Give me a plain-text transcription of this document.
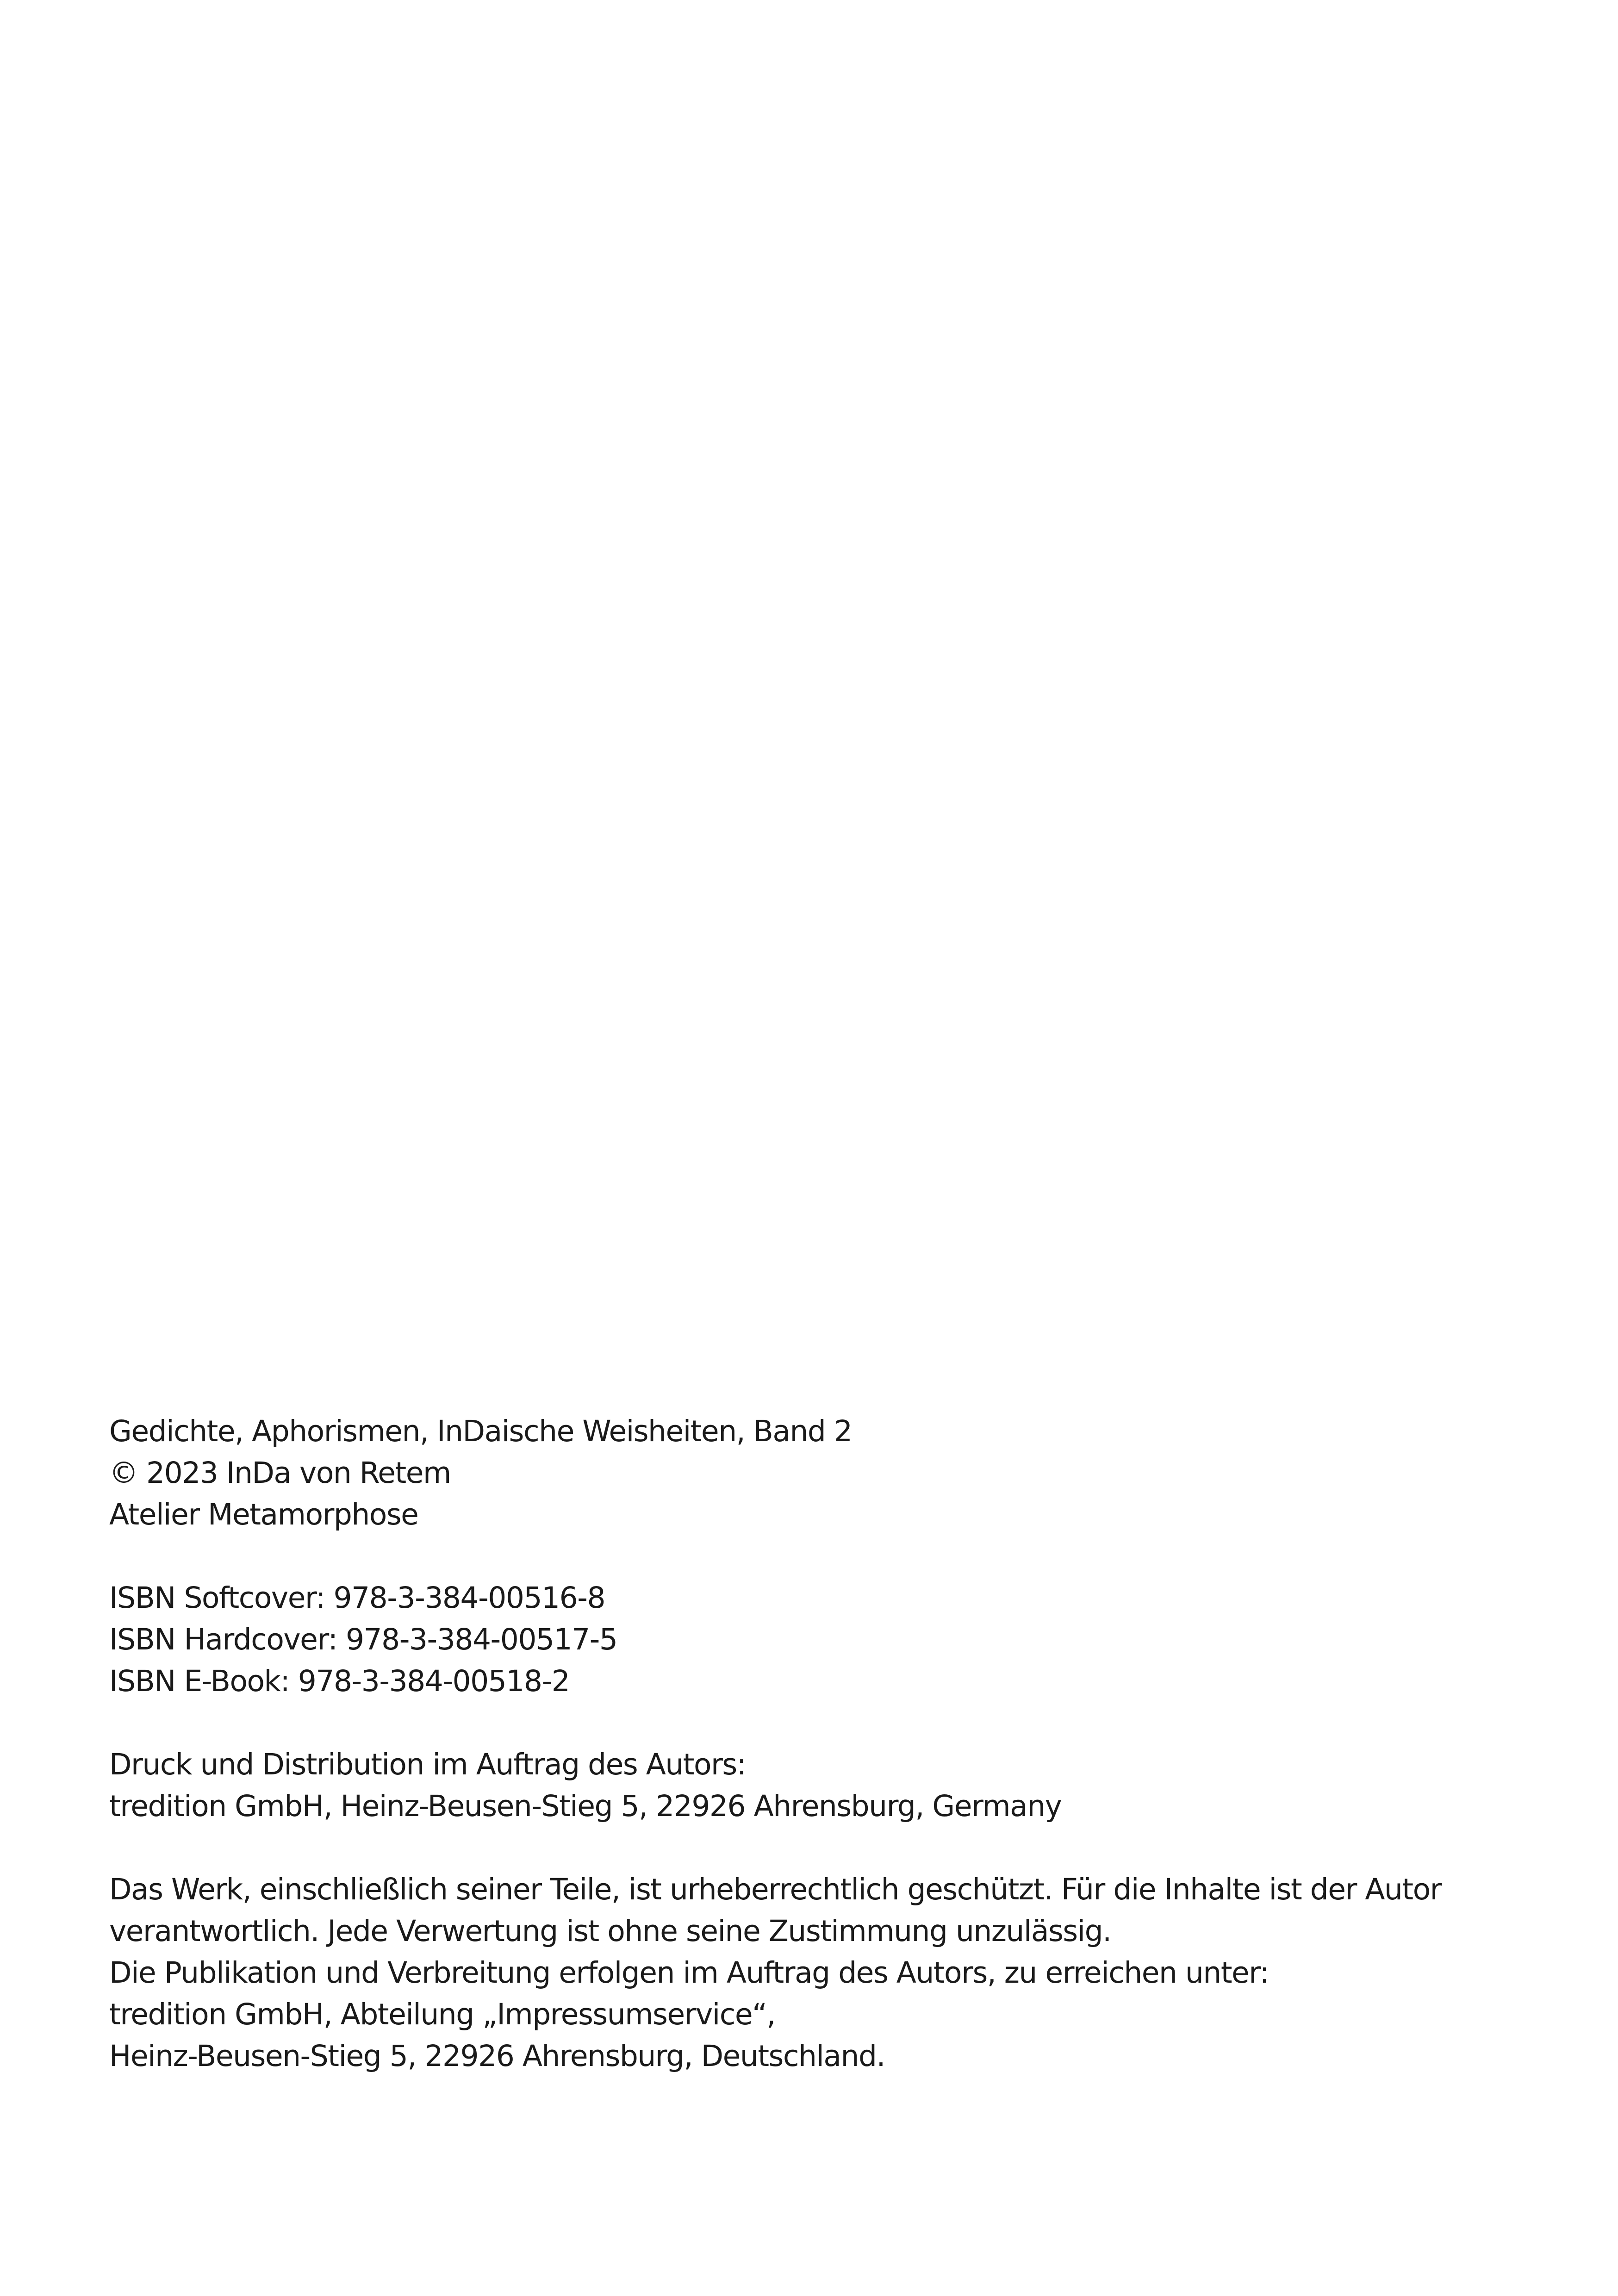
Gedichte, Aphorismen, InDaische Weisheiten, Band 2
© 2023 InDa von Retem
Atelier Metamorphose
ISBN Softcover: 978-3-384-00516-8
ISBN Hardcover: 978-3-384-00517-5
ISBN E-Book: 978-3-384-00518-2
Druck und Distribution im Auftrag des Autors:
tredition GmbH, Heinz-Beusen-Stieg 5, 22926 Ahrensburg, Germany
Das Werk, einschließlich seiner Teile, ist urheberrechtlich geschützt. Für die Inhalte ist der Autor
verantwortlich. Jede Verwertung ist ohne seine Zustimmung unzulässig.
Die Publikation und Verbreitung erfolgen im Auftrag des Autors, zu erreichen unter:
tredition GmbH, Abteilung „Impressumservice“,
Heinz-Beusen-Stieg 5, 22926 Ahrensburg, Deutschland.
